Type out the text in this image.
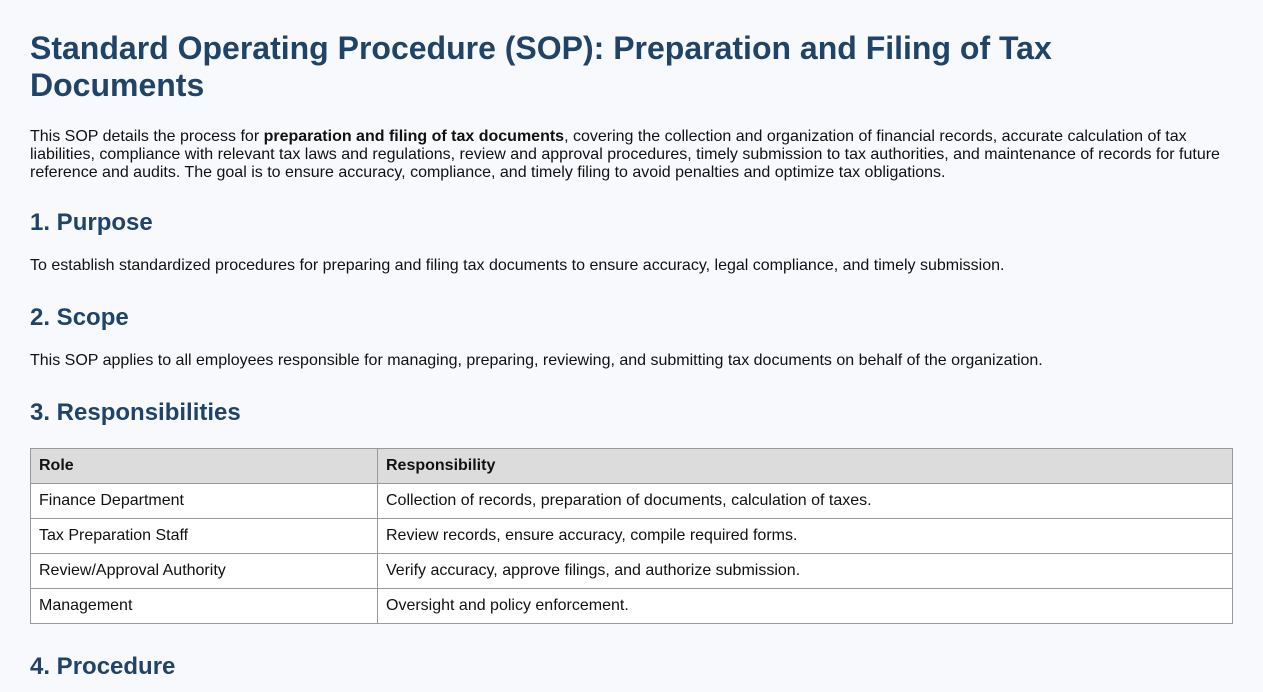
Standard Operating Procedure (SOP): Preparation and Filing of Tax Documents

This SOP details the process for preparation and filing of tax documents, covering the collection and organization of financial records, accurate calculation of tax liabilities, compliance with relevant tax laws and regulations, review and approval procedures, timely submission to tax authorities, and maintenance of records for future reference and audits. The goal is to ensure accuracy, compliance, and timely filing to avoid penalties and optimize tax obligations.

1. Purpose

To establish standardized procedures for preparing and filing tax documents to ensure accuracy, legal compliance, and timely submission.

2. Scope

This SOP applies to all employees responsible for managing, preparing, reviewing, and submitting tax documents on behalf of the organization.

3. Responsibilities
Role	Responsibility
Finance Department	Collection of records, preparation of documents, calculation of taxes.
Tax Preparation Staff	Review records, ensure accuracy, compile required forms.
Review/Approval Authority	Verify accuracy, approve filings, and authorize submission.
Management	Oversight and policy enforcement.
4. Procedure
